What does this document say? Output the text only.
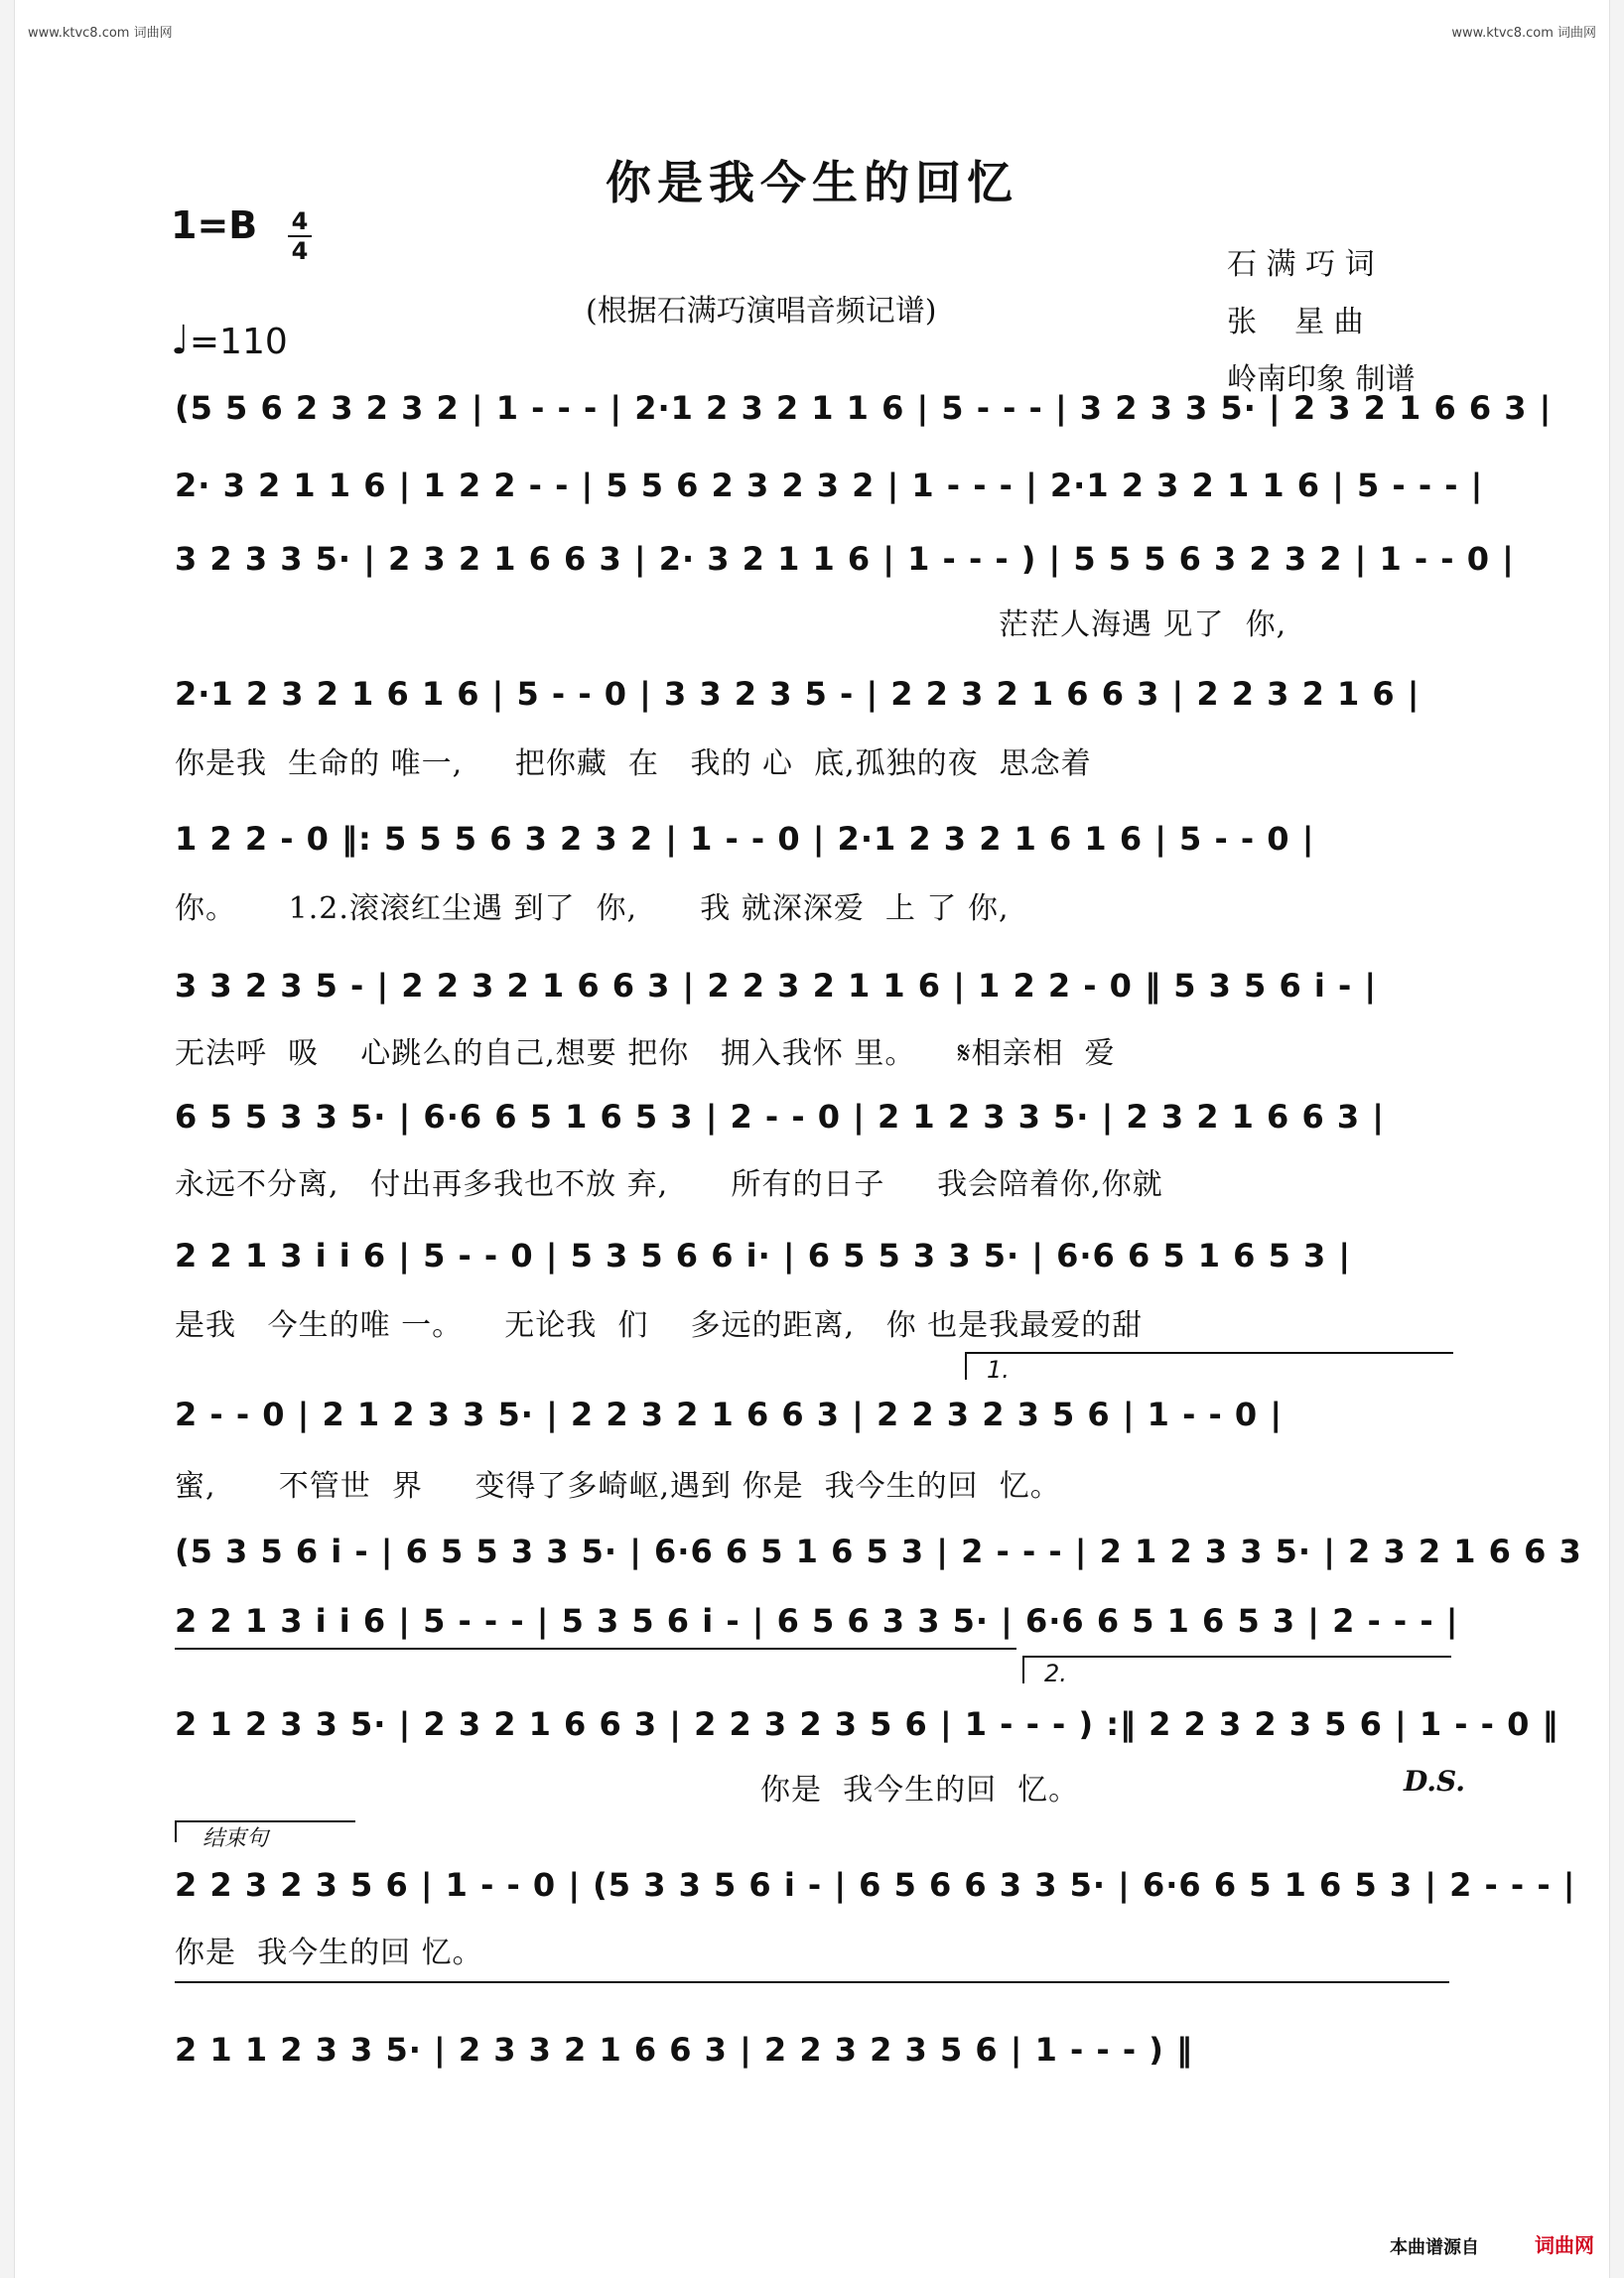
www.ktvc8.com 词曲网	www.ktvc8.com 词曲网
你是我今生的回忆
1=B 4
4
♩=110
(根据石满巧演唱音频记谱)
石 满 巧 词
张    星 曲
岭南印象 制谱
(5 5 6 2 3 2 3 2 | 1 - - - | 2·1 2 3 2 1 1 6 | 5 - - - | 3 2 3 3 5· | 2 3 2 1 6 6 3 |
2· 3 2 1 1 6 | 1 2 2 - - | 5 5 6 2 3 2 3 2 | 1 - - - | 2·1 2 3 2 1 1 6 | 5 - - - |
3 2 3 3 5· | 2 3 2 1 6 6 3 | 2· 3 2 1 1 6 | 1 - - - ) | 5 5 5 6 3 2 3 2 | 1 - - 0 |
茫茫人海遇 见了  你,
2·1 2 3 2 1 6 1 6 | 5 - - 0 | 3 3 2 3 5 - | 2 2 3 2 1 6 6 3 | 2 2 3 2 1 6 |
你是我  生命的 唯一,     把你藏  在   我的 心  底,孤独的夜  思念着
1 2 2 - 0 ‖: 5 5 5 6 3 2 3 2 | 1 - - 0 | 2·1 2 3 2 1 6 1 6 | 5 - - 0 |
你。     1.2.滚滚红尘遇 到了  你,      我 就深深爱  上 了 你,
3 3 2 3 5 - | 2 2 3 2 1 6 6 3 | 2 2 3 2 1 1 6 | 1 2 2 - 0 ‖ 5 3 5 6 i - |
无法呼  吸    心跳么的自己,想要 把你   拥入我怀 里。    𝄋相亲相  爱
6 5 5 3 3 5· | 6·6 6 5 1 6 5 3 | 2 - - 0 | 2 1 2 3 3 5· | 2 3 2 1 6 6 3 |
永远不分离,   付出再多我也不放 弃,      所有的日子     我会陪着你,你就
2 2 1 3 i i 6 | 5 - - 0 | 5 3 5 6 6 i· | 6 5 5 3 3 5· | 6·6 6 5 1 6 5 3 |
是我   今生的唯 一。    无论我  们    多远的距离,   你 也是我最爱的甜
1.
2 - - 0 | 2 1 2 3 3 5· | 2 2 3 2 1 6 6 3 | 2 2 3 2 3 5 6 | 1 - - 0 |
蜜,      不管世  界     变得了多崎岖,遇到 你是  我今生的回  忆。
(5 3 5 6 i - | 6 5 5 3 3 5· | 6·6 6 5 1 6 5 3 | 2 - - - | 2 1 2 3 3 5· | 2 3 2 1 6 6 3
2 2 1 3 i i 6 | 5 - - - | 5 3 5 6 i - | 6 5 6 3 3 5· | 6·6 6 5 1 6 5 3 | 2 - - - |
2.
2 1 2 3 3 5· | 2 3 2 1 6 6 3 | 2 2 3 2 3 5 6 | 1 - - - ) :‖ 2 2 3 2 3 5 6 | 1 - - 0 ‖
你是  我今生的回  忆。	D.S.
结束句
2 2 3 2 3 5 6 | 1 - - 0 | (5 3 3 5 6 i - | 6 5 6 6 3 3 5· | 6·6 6 5 1 6 5 3 | 2 - - - |
你是  我今生的回 忆。
2 1 1 2 3 3 5· | 2 3 3 2 1 6 6 3 | 2 2 3 2 3 5 6 | 1 - - - ) ‖
本曲谱源自	词曲网
